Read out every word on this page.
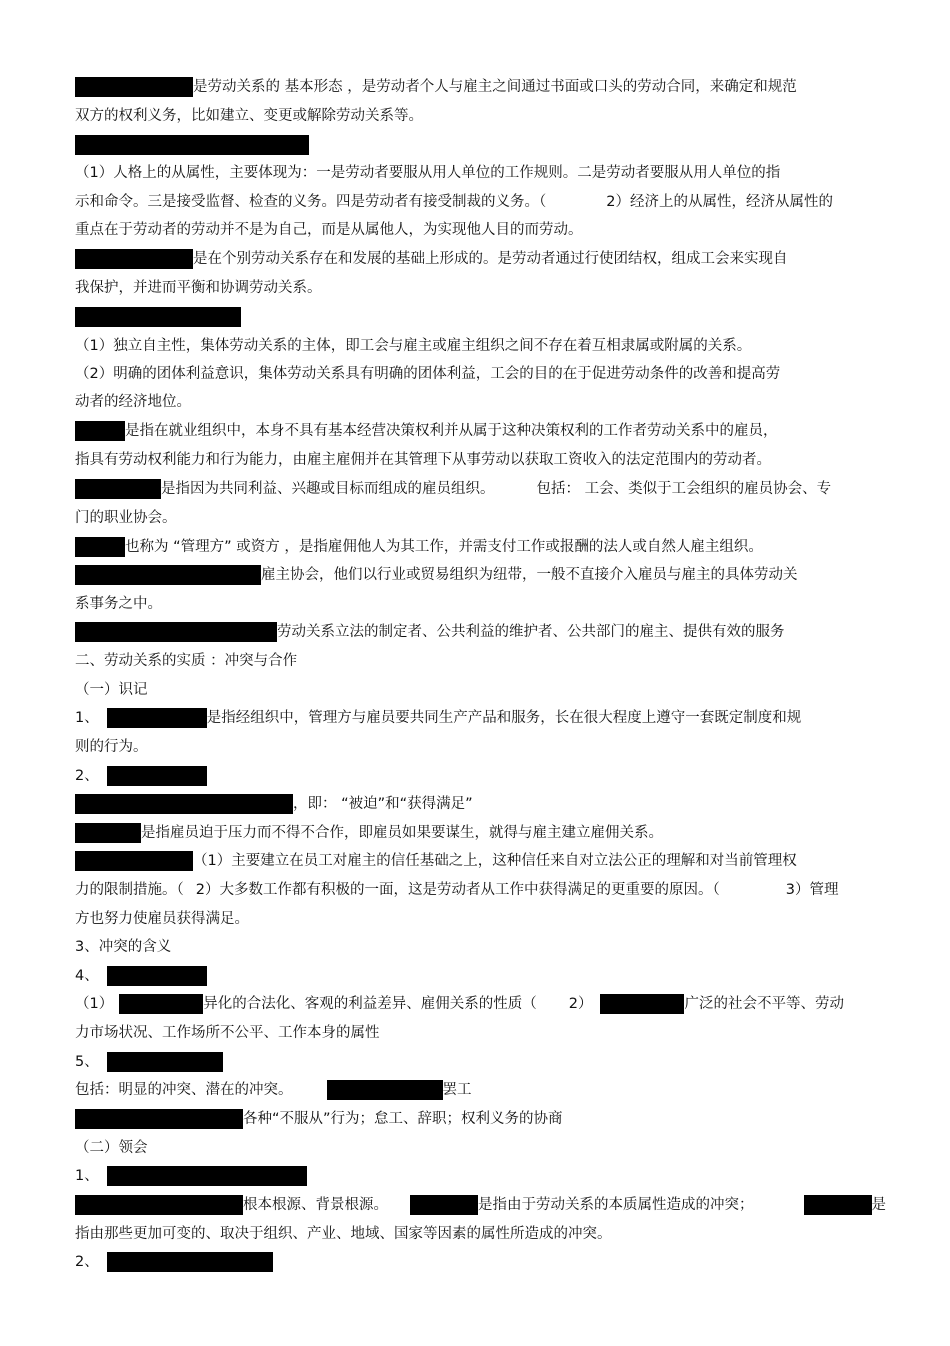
是劳动关系的 基本形态 ，是劳动者个人与雇主之间通过书面或口头的劳动合同，来确定和规范
双方的权利义务，比如建立、变更或解除劳动关系等。
（1）人格上的从属性，主要体现为：一是劳动者要服从用人单位的工作规则。二是劳动者要服从用人单位的指
示和命令。三是接受监督、检查的义务。四是劳动者有接受制裁的义务。（	2）经济上的从属性，经济从属性的
重点在于劳动者的劳动并不是为自己，而是从属他人，为实现他人目的而劳动。
是在个别劳动关系存在和发展的基础上形成的。是劳动者通过行使团结权，组成工会来实现自
我保护，并进而平衡和协调劳动关系。
（1）独立自主性，集体劳动关系的主体，即工会与雇主或雇主组织之间不存在着互相隶属或附属的关系。
（2）明确的团体利益意识，集体劳动关系具有明确的团体利益，工会的目的在于促进劳动条件的改善和提高劳
动者的经济地位。
是指在就业组织中，本身不具有基本经营决策权利并从属于这种决策权利的工作者劳动关系中的雇员，
指具有劳动权利能力和行为能力，由雇主雇佣并在其管理下从事劳动以获取工资收入的法定范围内的劳动者。
是指因为共同利益、兴趣或目标而组成的雇员组织。	包括： 工会、类似于工会组织的雇员协会、专
门的职业协会。
也称为 “管理方” 或资方 ，是指雇佣他人为其工作，并需支付工作或报酬的法人或自然人雇主组织。
雇主协会，他们以行业或贸易组织为纽带，一般不直接介入雇员与雇主的具体劳动关
系事务之中。
劳动关系立法的制定者、公共利益的维护者、公共部门的雇主、提供有效的服务
二、劳动关系的实质 ：冲突与合作
（一）识记
1、	是指经组织中，管理方与雇员要共同生产产品和服务，长在很大程度上遵守一套既定制度和规
则的行为。
2、
，即： “被迫”和“获得满足”
是指雇员迫于压力而不得不合作，即雇员如果要谋生，就得与雇主建立雇佣关系。
（1）主要建立在员工对雇主的信任基础之上，这种信任来自对立法公正的理解和对当前管理权
力的限制措施。（ 2）大多数工作都有积极的一面，这是劳动者从工作中获得满足的更重要的原因。（	3）管理
方也努力使雇员获得满足。
3、冲突的含义
4、
（1）	异化的合法化、客观的利益差异、雇佣关系的性质（ 2）	广泛的社会不平等、劳动
力市场状况、工作场所不公平、工作本身的属性
5、
包括：明显的冲突、潜在的冲突。	罢工
各种“不服从”行为；怠工、辞职；权利义务的协商
（二）领会
1、
根本根源、背景根源。	是指由于劳动关系的本质属性造成的冲突；	是
指由那些更加可变的、取决于组织、产业、地域、国家等因素的属性所造成的冲突。
2、
